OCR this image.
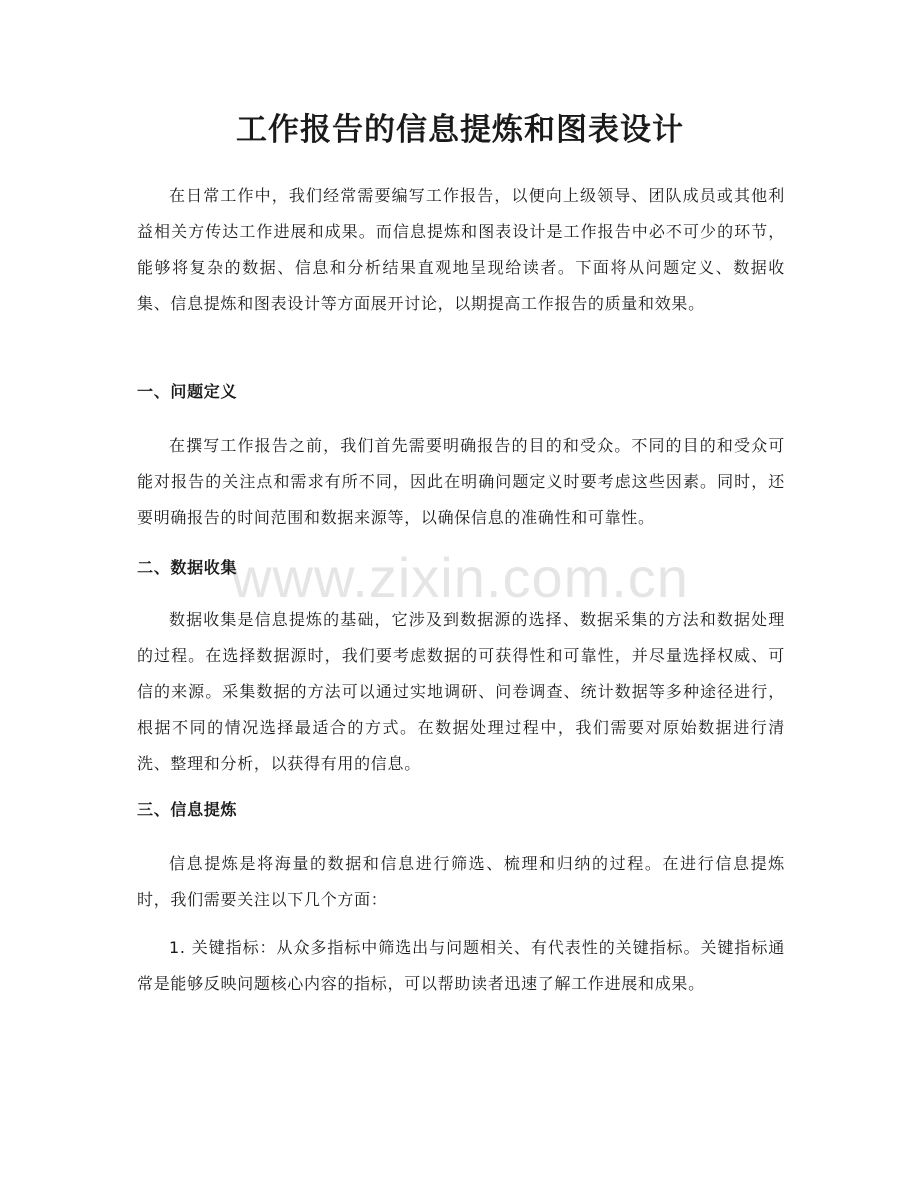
工作报告的信息提炼和图表设计
www.zixin.com.cn

在日常工作中，我们经常需要编写工作报告，以便向上级领导、团队成员或其他利益相关方传达工作进展和成果。而信息提炼和图表设计是工作报告中必不可少的环节，能够将复杂的数据、信息和分析结果直观地呈现给读者。下面将从问题定义、数据收集、信息提炼和图表设计等方面展开讨论，以期提高工作报告的质量和效果。

一、问题定义

在撰写工作报告之前，我们首先需要明确报告的目的和受众。不同的目的和受众可能对报告的关注点和需求有所不同，因此在明确问题定义时要考虑这些因素。同时，还要明确报告的时间范围和数据来源等，以确保信息的准确性和可靠性。

二、数据收集

数据收集是信息提炼的基础，它涉及到数据源的选择、数据采集的方法和数据处理的过程。在选择数据源时，我们要考虑数据的可获得性和可靠性，并尽量选择权威、可信的来源。采集数据的方法可以通过实地调研、问卷调查、统计数据等多种途径进行，根据不同的情况选择最适合的方式。在数据处理过程中，我们需要对原始数据进行清洗、整理和分析，以获得有用的信息。

三、信息提炼

信息提炼是将海量的数据和信息进行筛选、梳理和归纳的过程。在进行信息提炼时，我们需要关注以下几个方面：

1. 关键指标：从众多指标中筛选出与问题相关、有代表性的关键指标。关键指标通常是能够反映问题核心内容的指标，可以帮助读者迅速了解工作进展和成果。
